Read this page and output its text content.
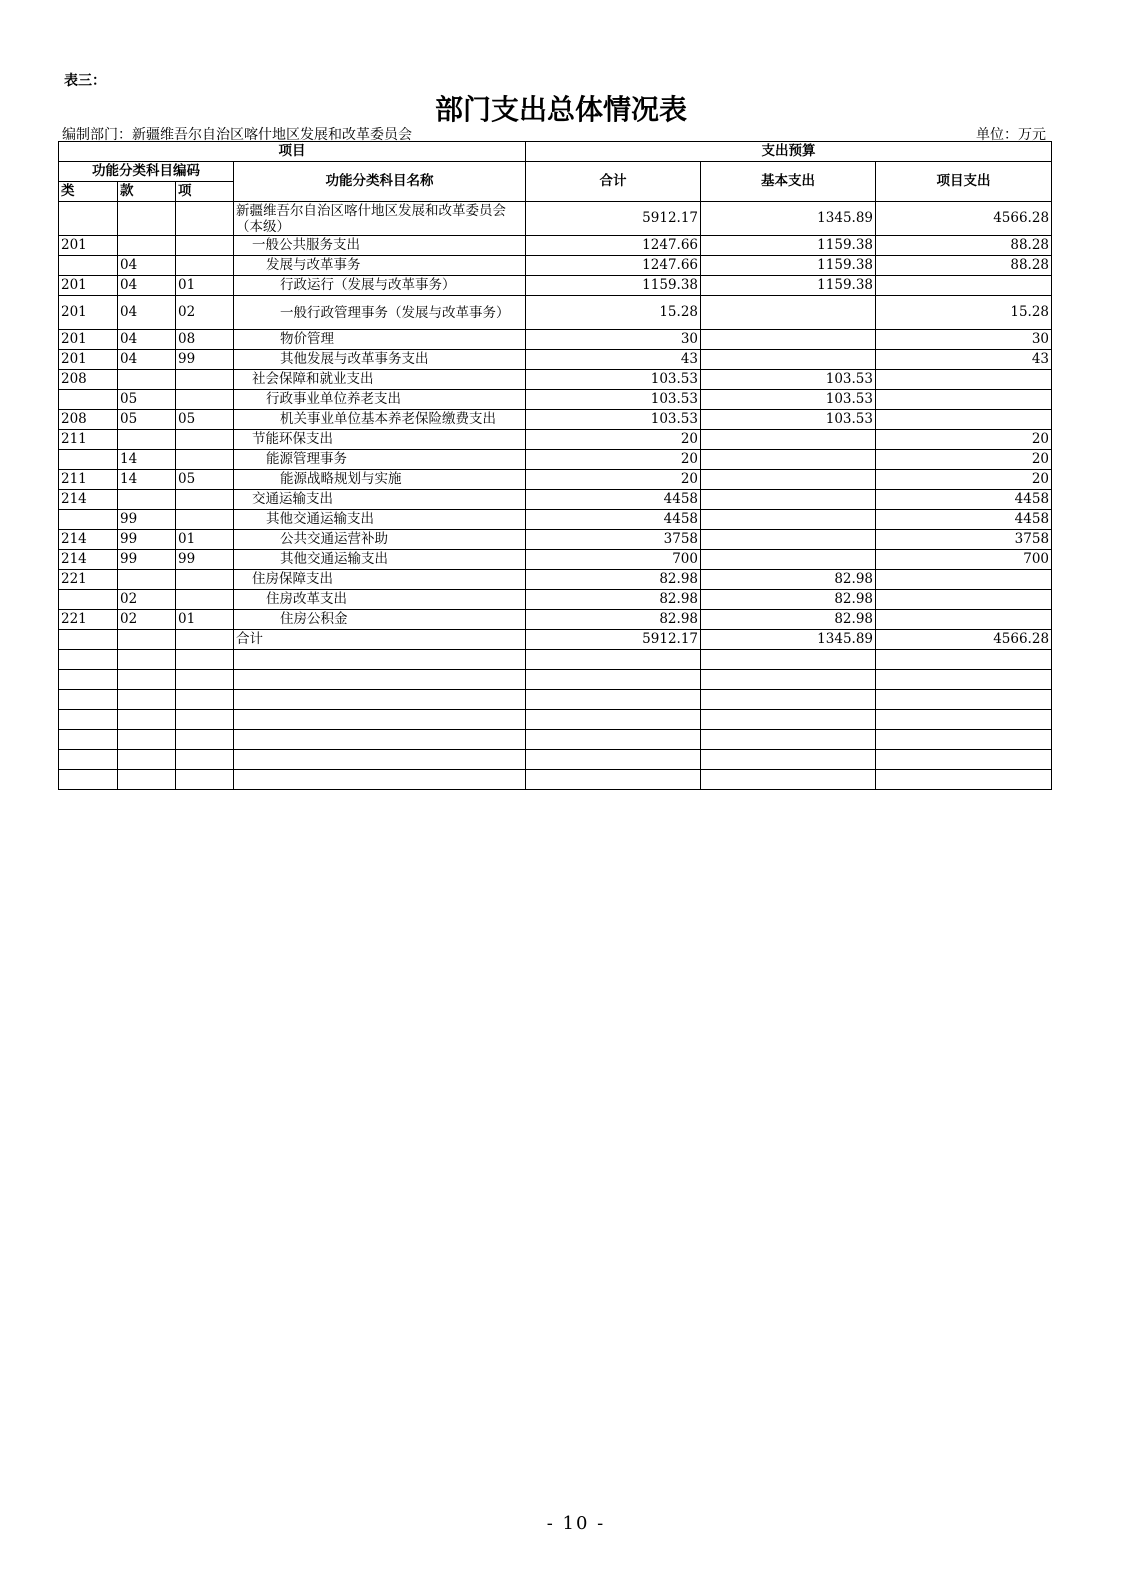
表三：
部门支出总体情况表
编制部门：新疆维吾尔自治区喀什地区发展和改革委员会	单位：万元
项目				支出预算		
功能分类科目编码			功能分类科目名称	合计	基本支出	项目支出
类	款	项				
			新疆维吾尔自治区喀什地区发展和改革委员会（本级）	5912.17	1345.89	4566.28
201			一般公共服务支出	1247.66	1159.38	88.28
	04		发展与改革事务	1247.66	1159.38	88.28
201	04	01	行政运行（发展与改革事务）	1159.38	1159.38	
201	04	02	一般行政管理事务（发展与改革事务）	15.28		15.28
201	04	08	物价管理	30		30
201	04	99	其他发展与改革事务支出	43		43
208			社会保障和就业支出	103.53	103.53	
	05		行政事业单位养老支出	103.53	103.53	
208	05	05	机关事业单位基本养老保险缴费支出	103.53	103.53	
211			节能环保支出	20		20
	14		能源管理事务	20		20
211	14	05	能源战略规划与实施	20		20
214			交通运输支出	4458		4458
	99		其他交通运输支出	4458		4458
214	99	01	公共交通运营补助	3758		3758
214	99	99	其他交通运输支出	700		700
221			住房保障支出	82.98	82.98	
	02		住房改革支出	82.98	82.98	
221	02	01	住房公积金	82.98	82.98	
			合计	5912.17	1345.89	4566.28

- 10 -
